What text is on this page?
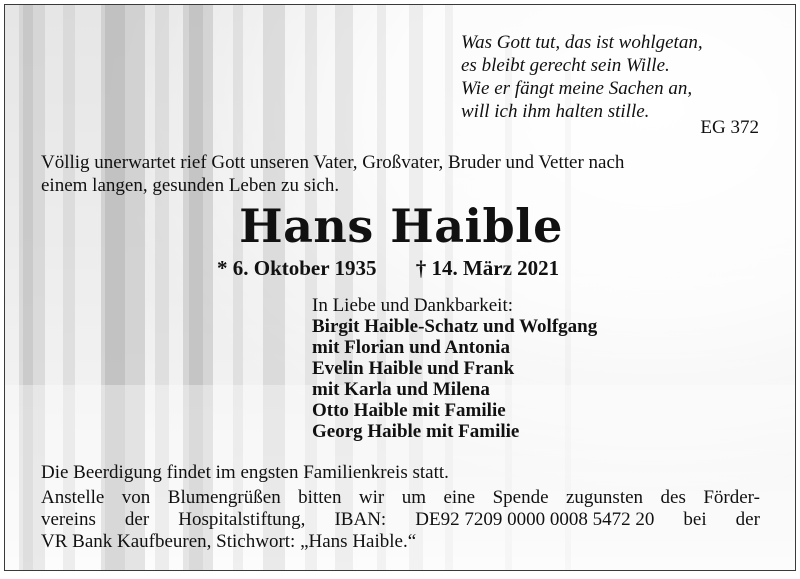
Was Gott tut, das ist wohlgetan,
es bleibt gerecht sein Wille.
Wie er fängt meine Sachen an,
will ich ihm halten stille.
EG 372
Völlig unerwartet rief Gott unseren Vater, Großvater, Bruder und Vetter nach
einem langen, gesunden Leben zu sich.
Hans Haible
* 6. Oktober 1935 † 14. März 2021
In Liebe und Dankbarkeit:
Birgit Haible-Schatz und Wolfgang
mit Florian und Antonia
Evelin Haible und Frank
mit Karla und Milena
Otto Haible mit Familie
Georg Haible mit Familie
Die Beerdigung findet im engsten Familienkreis statt.
Anstelle von Blumengrüßen bitten wir um eine Spende zugunsten des Förder-
vereins der Hospitalstiftung, IBAN: DE92 7209 0000 0008 5472 20 bei der
VR Bank Kaufbeuren, Stichwort: „Hans Haible.“
